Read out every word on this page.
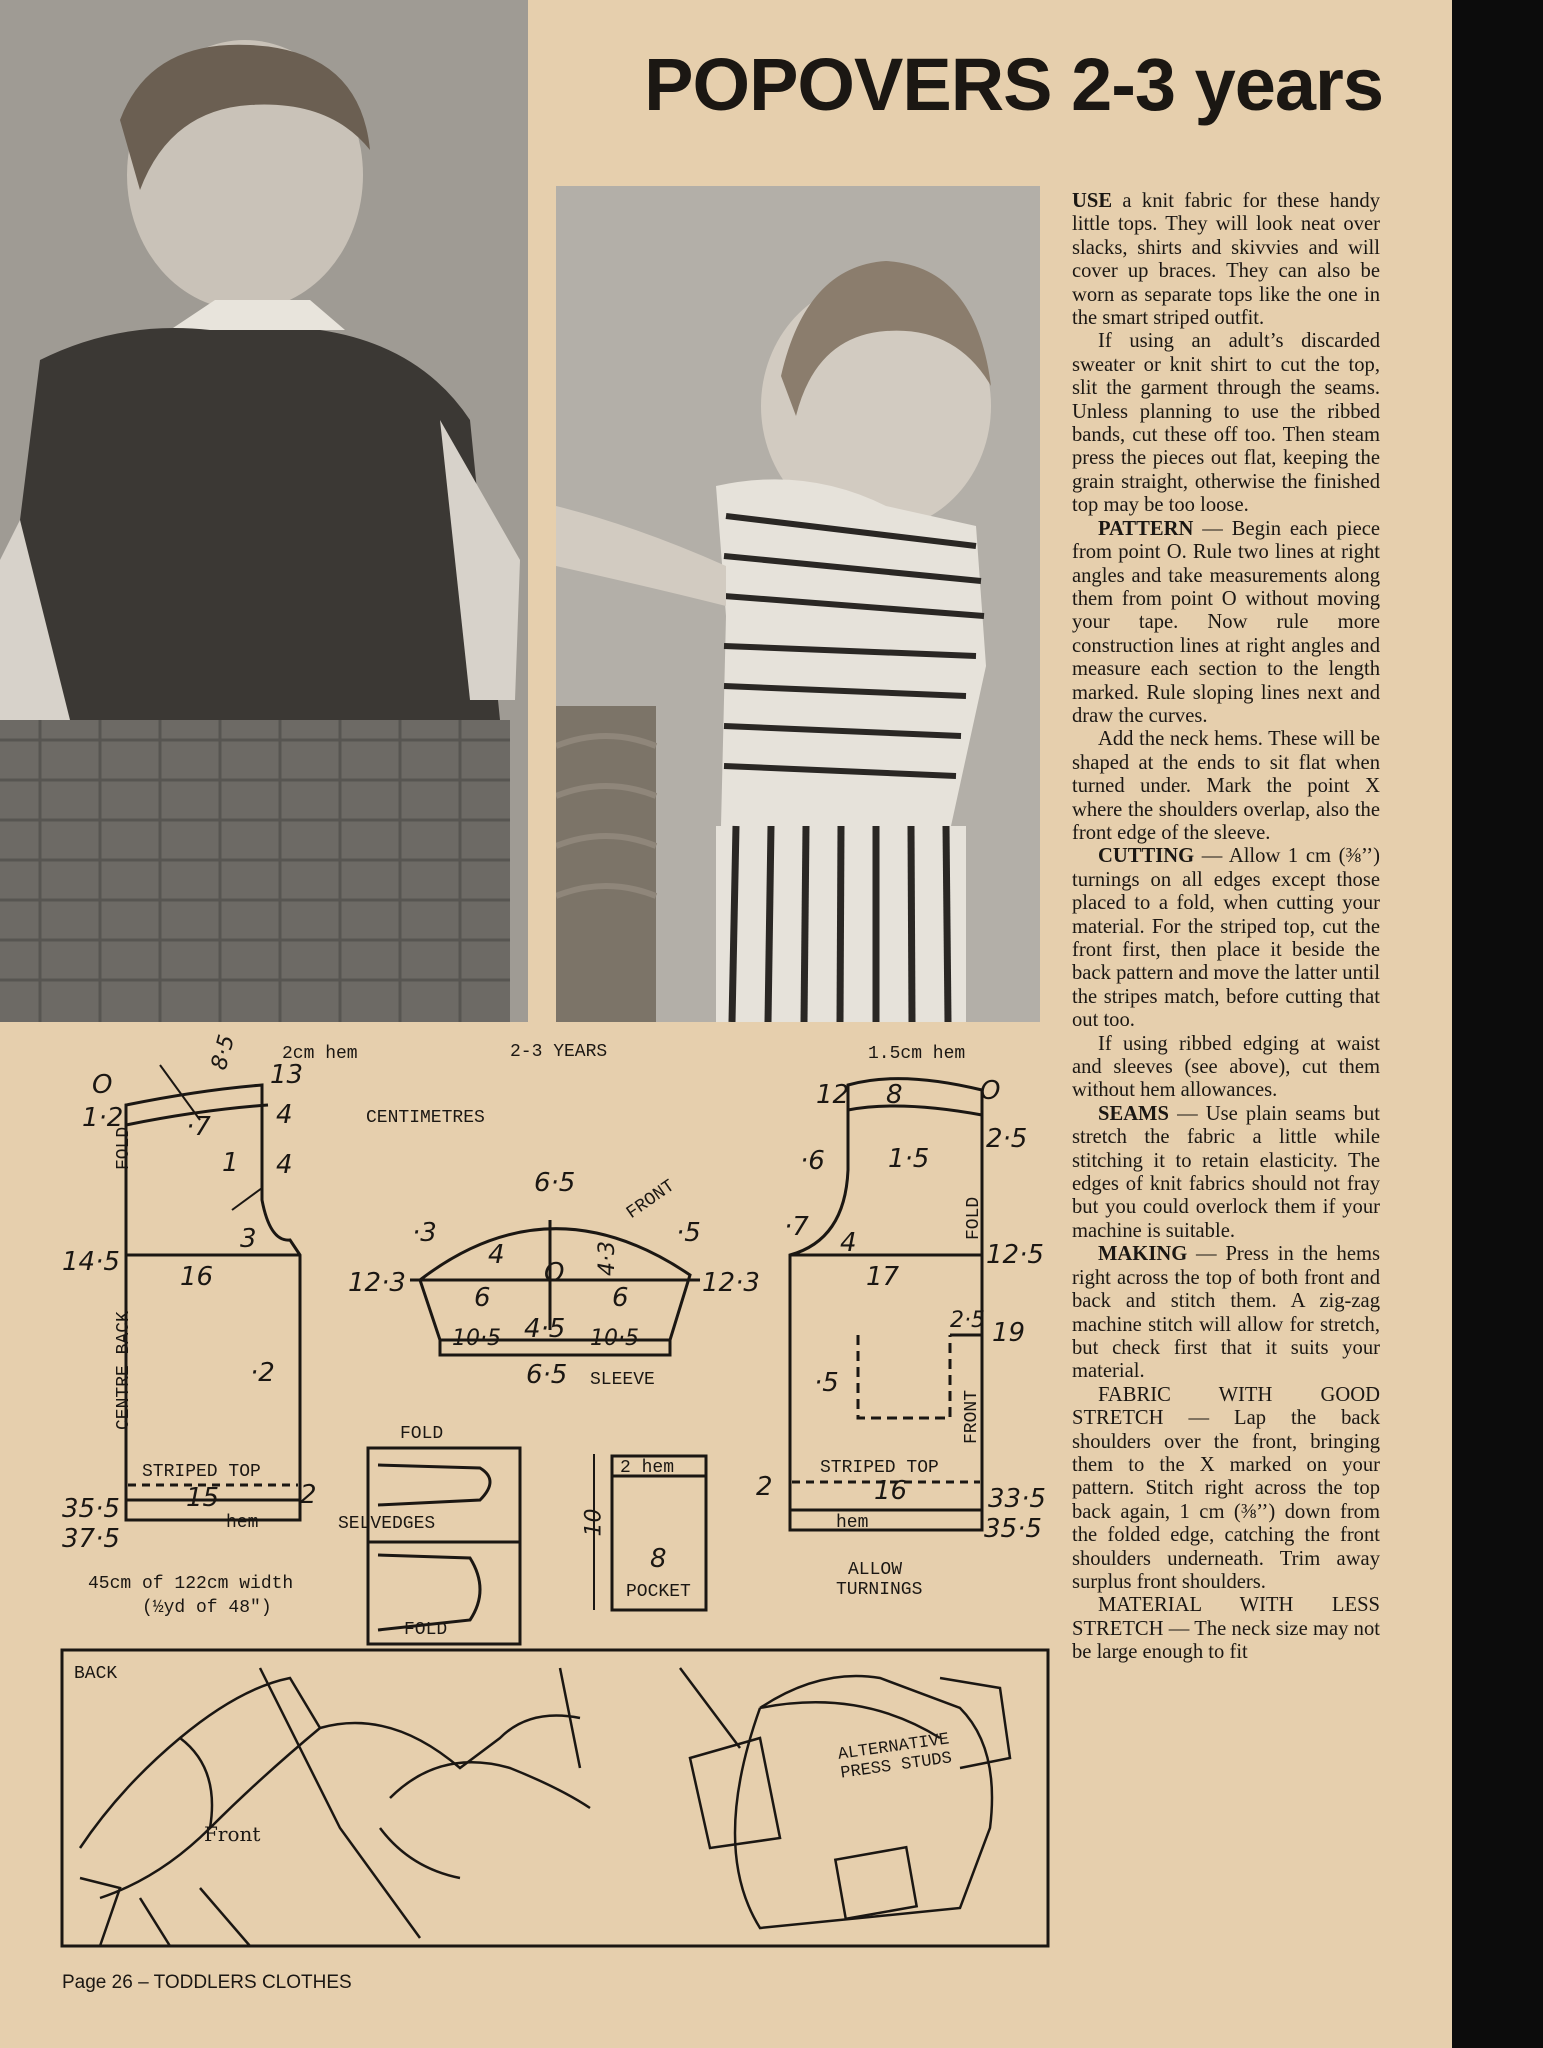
POPOVERS 2-3 years

USE a knit fabric for these handy little tops. They will look neat over slacks, shirts and skivvies and will cover up braces. They can also be worn as separate tops like the one in the smart striped outfit.

If using an adult’s discarded sweater or knit shirt to cut the top, slit the garment through the seams. Unless planning to use the ribbed bands, cut these off too. Then steam press the pieces out flat, keeping the grain straight, otherwise the finished top may be too loose.

PATTERN — Begin each piece from point O. Rule two lines at right angles and take measurements along them from point O without moving your tape. Now rule more construction lines at right angles and measure each section to the length marked. Rule sloping lines next and draw the curves.

Add the neck hems. These will be shaped at the ends to sit flat when turned under. Mark the point X where the shoulders overlap, also the front edge of the sleeve.

CUTTING — Allow 1 cm (⅜’’) turnings on all edges except those placed to a fold, when cutting your material. For the striped top, cut the front first, then place it beside the back pattern and move the latter until the stripes match, before cutting that out too.

If using ribbed edging at waist and sleeves (see above), cut them without hem allowances.

SEAMS — Use plain seams but stretch the fabric a little while stitching it to retain elasticity. The edges of knit fabrics should not fray but you could overlock them if your machine is suitable.

MAKING — Press in the hems right across the top of both front and back and stitch them. A zig-zag machine stitch will allow for stretch, but check first that it suits your material.

FABRIC WITH GOOD STRETCH — Lap the back shoulders over the front, bringing them to the X marked on your pattern. Stitch right across the top back again, 1 cm (⅜’’) down from the folded edge, catching the front shoulders underneath. Trim away surplus front shoulders.

MATERIAL WITH LESS STRETCH — The neck size may not be large enough to fit

2cm hem	2-3 YEARS
CENTIMETRES
8·5
13
O
1·2 ·7	4
1 4
3
14·5 16
FOLD
CENTRE BACK	·2
STRIPED TOP
15	2
35·5
37·5
hem
45cm of 122cm width
(½yd of 48")
6·5	FRONT
·3	·5
4	4·3
O
12·3	12·3
6	6
10·5 4·5 10·5
6·5 SLEEVE
FOLD
SELVEDGES
FOLD
2 hem
10
8
POCKET
1.5cm hem
12 8	O
2·5
·6 1·5
·7
4
FOLD
12·5
17
2·5 19
·5
FRONT
STRIPED TOP
16
2	33·5
35·5
hem
ALLOW
TURNINGS
BACK
Front
ALTERNATIVE PRESS STUDS
Page 26 – TODDLERS CLOTHES
